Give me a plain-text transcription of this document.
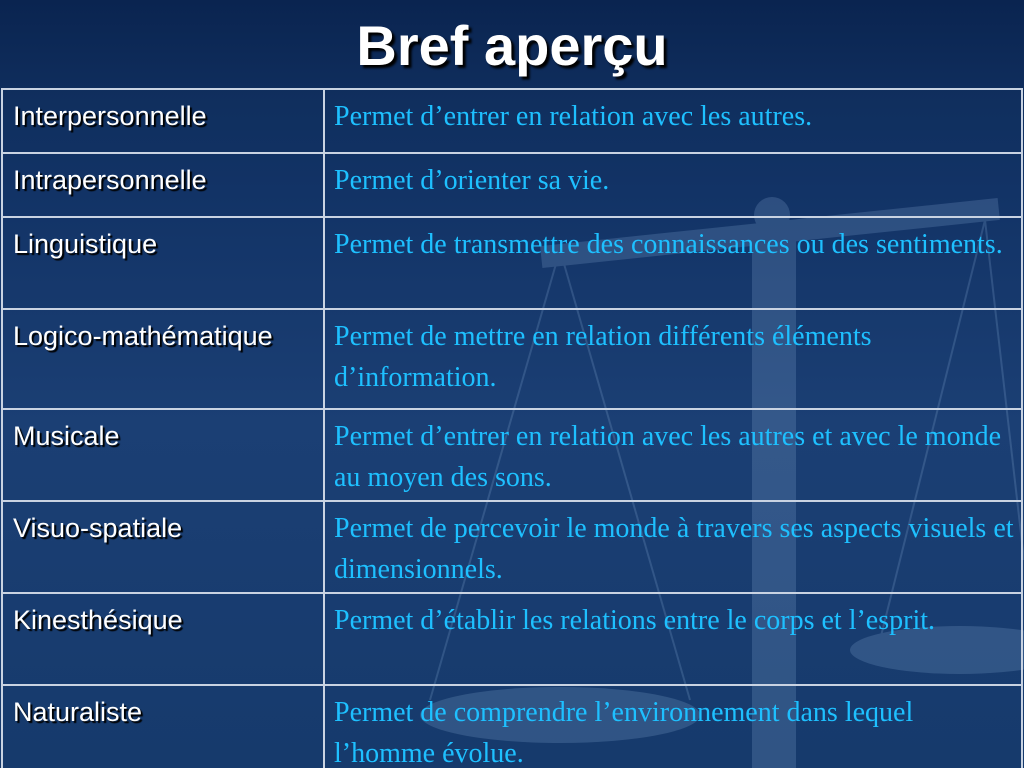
Bref aperçu
Interpersonnelle	Permet d’entrer en relation avec les autres.
Intrapersonnelle	Permet d’orienter sa vie.
Linguistique	Permet de transmettre des connaissances ou des sentiments.
Logico-mathématique	Permet de mettre en relation différents éléments d’information.
Musicale	Permet d’entrer en relation avec les autres et avec le monde au moyen des sons.
Visuo-spatiale	Permet de percevoir le monde à travers ses aspects visuels et dimensionnels.
Kinesthésique	Permet d’établir les relations entre le corps et l’esprit.
Naturaliste	Permet de comprendre l’environnement dans lequel l’homme évolue.
